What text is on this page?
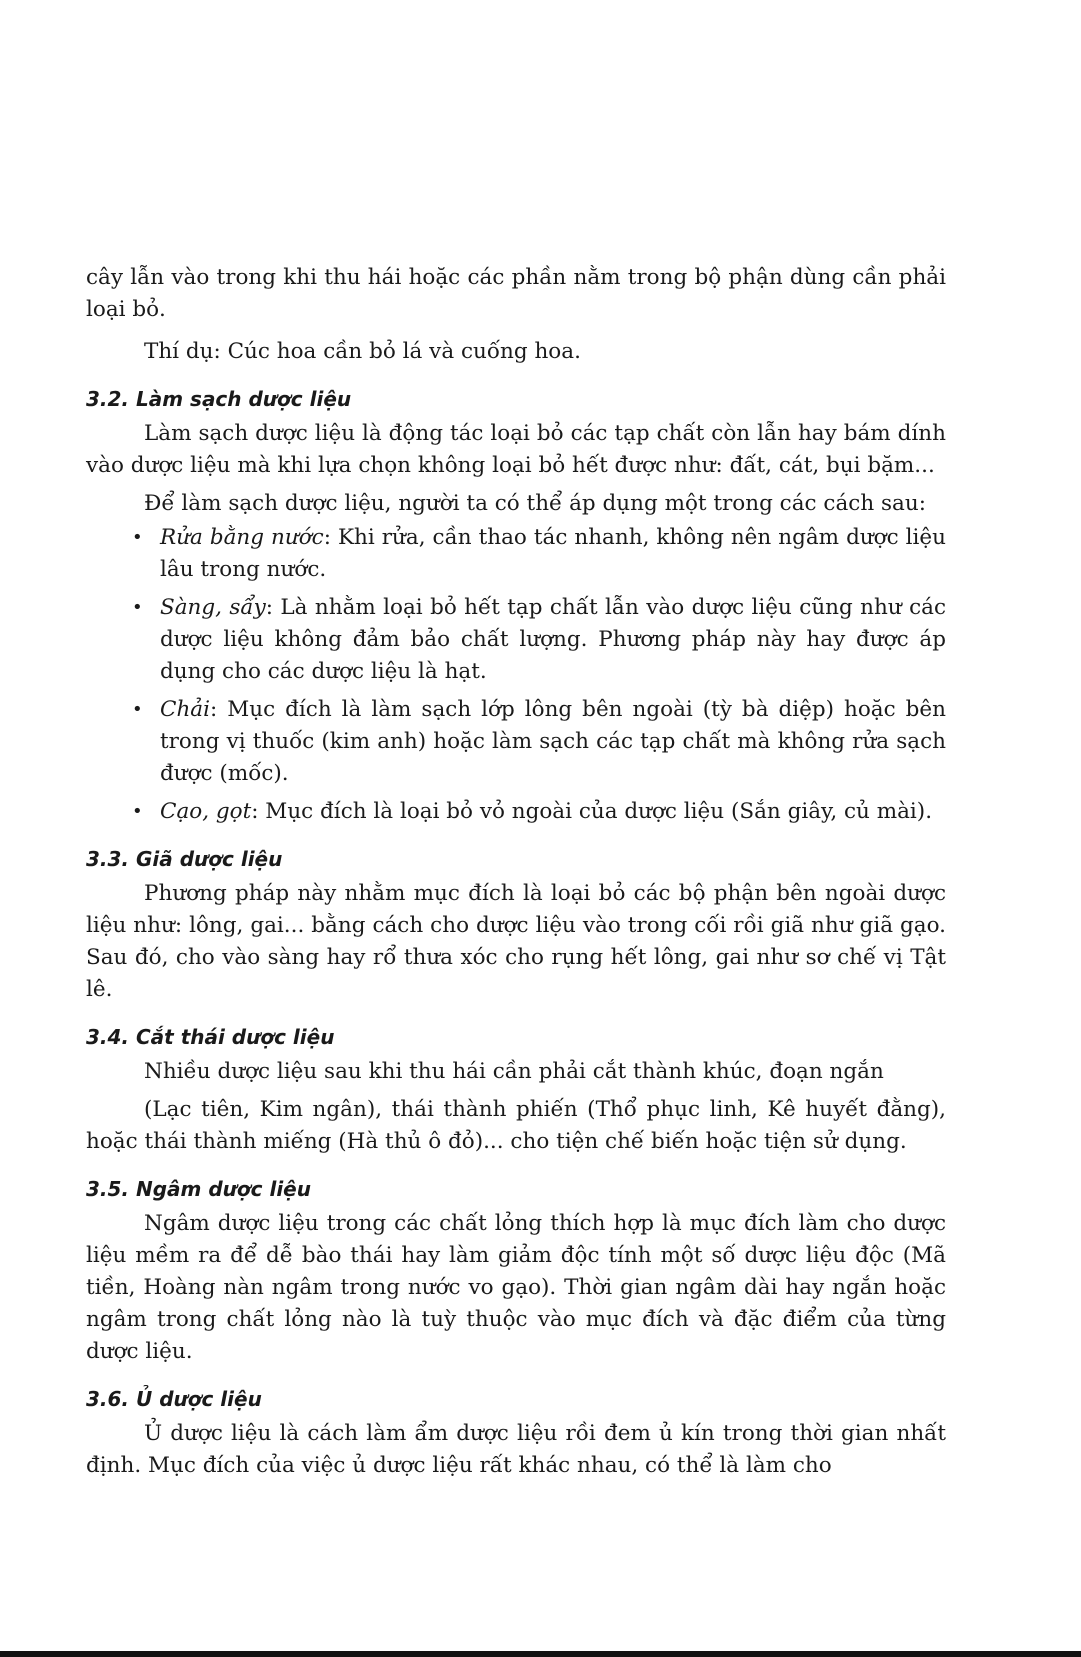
cây lẫn vào trong khi thu hái hoặc các phần nằm trong bộ phận dùng cần phải loại bỏ.

Thí dụ: Cúc hoa cần bỏ lá và cuống hoa.

3.2. Làm sạch dược liệu

Làm sạch dược liệu là động tác loại bỏ các tạp chất còn lẫn hay bám dính vào dược liệu mà khi lựa chọn không loại bỏ hết được như: đất, cát, bụi bặm...

Để làm sạch dược liệu, người ta có thể áp dụng một trong các cách sau:

• Rửa bằng nước: Khi rửa, cần thao tác nhanh, không nên ngâm dược liệu lâu trong nước.
• Sàng, sẩy: Là nhằm loại bỏ hết tạp chất lẫn vào dược liệu cũng như các dược liệu không đảm bảo chất lượng. Phương pháp này hay được áp dụng cho các dược liệu là hạt.
• Chải: Mục đích là làm sạch lớp lông bên ngoài (tỳ bà diệp) hoặc bên trong vị thuốc (kim anh) hoặc làm sạch các tạp chất mà không rửa sạch được (mốc).
• Cạo, gọt: Mục đích là loại bỏ vỏ ngoài của dược liệu (Sắn giây, củ mài).
3.3. Giã dược liệu

Phương pháp này nhằm mục đích là loại bỏ các bộ phận bên ngoài dược liệu như: lông, gai... bằng cách cho dược liệu vào trong cối rồi giã như giã gạo. Sau đó, cho vào sàng hay rổ thưa xóc cho rụng hết lông, gai như sơ chế vị Tật lê.

3.4. Cắt thái dược liệu

Nhiều dược liệu sau khi thu hái cần phải cắt thành khúc, đoạn ngắn

(Lạc tiên, Kim ngân), thái thành phiến (Thổ phục linh, Kê huyết đằng), hoặc thái thành miếng (Hà thủ ô đỏ)... cho tiện chế biến hoặc tiện sử dụng.

3.5. Ngâm dược liệu

Ngâm dược liệu trong các chất lỏng thích hợp là mục đích làm cho dược liệu mềm ra để dễ bào thái hay làm giảm độc tính một số dược liệu độc (Mã tiền, Hoàng nàn ngâm trong nước vo gạo). Thời gian ngâm dài hay ngắn hoặc ngâm trong chất lỏng nào là tuỳ thuộc vào mục đích và đặc điểm của từng dược liệu.

3.6. Ủ dược liệu

Ủ dược liệu là cách làm ẩm dược liệu rồi đem ủ kín trong thời gian nhất định. Mục đích của việc ủ dược liệu rất khác nhau, có thể là làm cho
